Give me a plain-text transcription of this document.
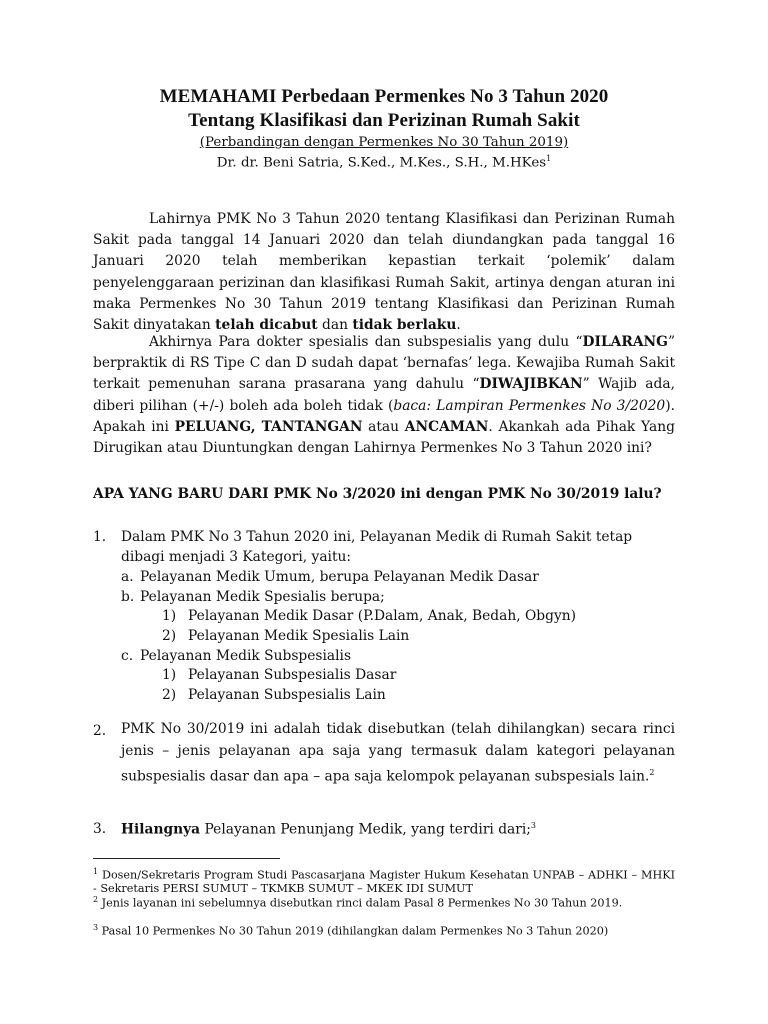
MEMAHAMI Perbedaan Permenkes No 3 Tahun 2020
Tentang Klasifikasi dan Perizinan Rumah Sakit
(Perbandingan dengan Permenkes No 30 Tahun 2019)
Dr. dr. Beni Satria, S.Ked., M.Kes., S.H., M.HKes$^1$

Lahirnya PMK No 3 Tahun 2020 tentang Klasifikasi dan Perizinan Rumah Sakit pada tanggal 14 Januari 2020 dan telah diundangkan pada tanggal 16 Januari 2020 telah memberikan kepastian terkait ‘polemik’ dalam penyelenggaraan perizinan dan klasifikasi Rumah Sakit, artinya dengan aturan ini maka Permenkes No 30 Tahun 2019 tentang Klasifikasi dan Perizinan Rumah Sakit dinyatakan telah dicabut dan tidak berlaku.

Akhirnya Para dokter spesialis dan subspesialis yang dulu “DILARANG” berpraktik di RS Tipe C dan D sudah dapat ‘bernafas’ lega. Kewajiba Rumah Sakit terkait pemenuhan sarana prasarana yang dahulu “DIWAJIBKAN” Wajib ada, diberi pilihan (+/-) boleh ada boleh tidak (baca: Lampiran Permenkes No 3/2020). Apakah ini PELUANG, TANTANGAN atau ANCAMAN. Akankah ada Pihak Yang Dirugikan atau Diuntungkan dengan Lahirnya Permenkes No 3 Tahun 2020 ini?

APA YANG BARU DARI PMK No 3/2020 ini dengan PMK No 30/2019 lalu?
1. Dalam PMK No 3 Tahun 2020 ini, Pelayanan Medik di Rumah Sakit tetap
dibagi menjadi 3 Kategori, yaitu:
a. Pelayanan Medik Umum, berupa Pelayanan Medik Dasar
b. Pelayanan Medik Spesialis berupa;
1) Pelayanan Medik Dasar (P.Dalam, Anak, Bedah, Obgyn)
2) Pelayanan Medik Spesialis Lain
c. Pelayanan Medik Subspesialis
1) Pelayanan Subspesialis Dasar
2) Pelayanan Subspesialis Lain
2. PMK No 30/2019 ini adalah tidak disebutkan (telah dihilangkan) secara rinci jenis – jenis pelayanan apa saja yang termasuk dalam kategori pelayanan subspesialis dasar dan apa – apa saja kelompok pelayanan subspesials lain.$^2$

3. Hilangnya Pelayanan Penunjang Medik, yang terdiri dari;$^3$

$^1$ Dosen/Sekretaris Program Studi Pascasarjana Magister Hukum Kesehatan UNPAB – ADHKI – MHKI - Sekretaris PERSI SUMUT – TKMKB SUMUT – MKEK IDI SUMUT

$^2$ Jenis layanan ini sebelumnya disebutkan rinci dalam Pasal 8 Permenkes No 30 Tahun 2019.

$^3$ Pasal 10 Permenkes No 30 Tahun 2019 (dihilangkan dalam Permenkes No 3 Tahun 2020)
